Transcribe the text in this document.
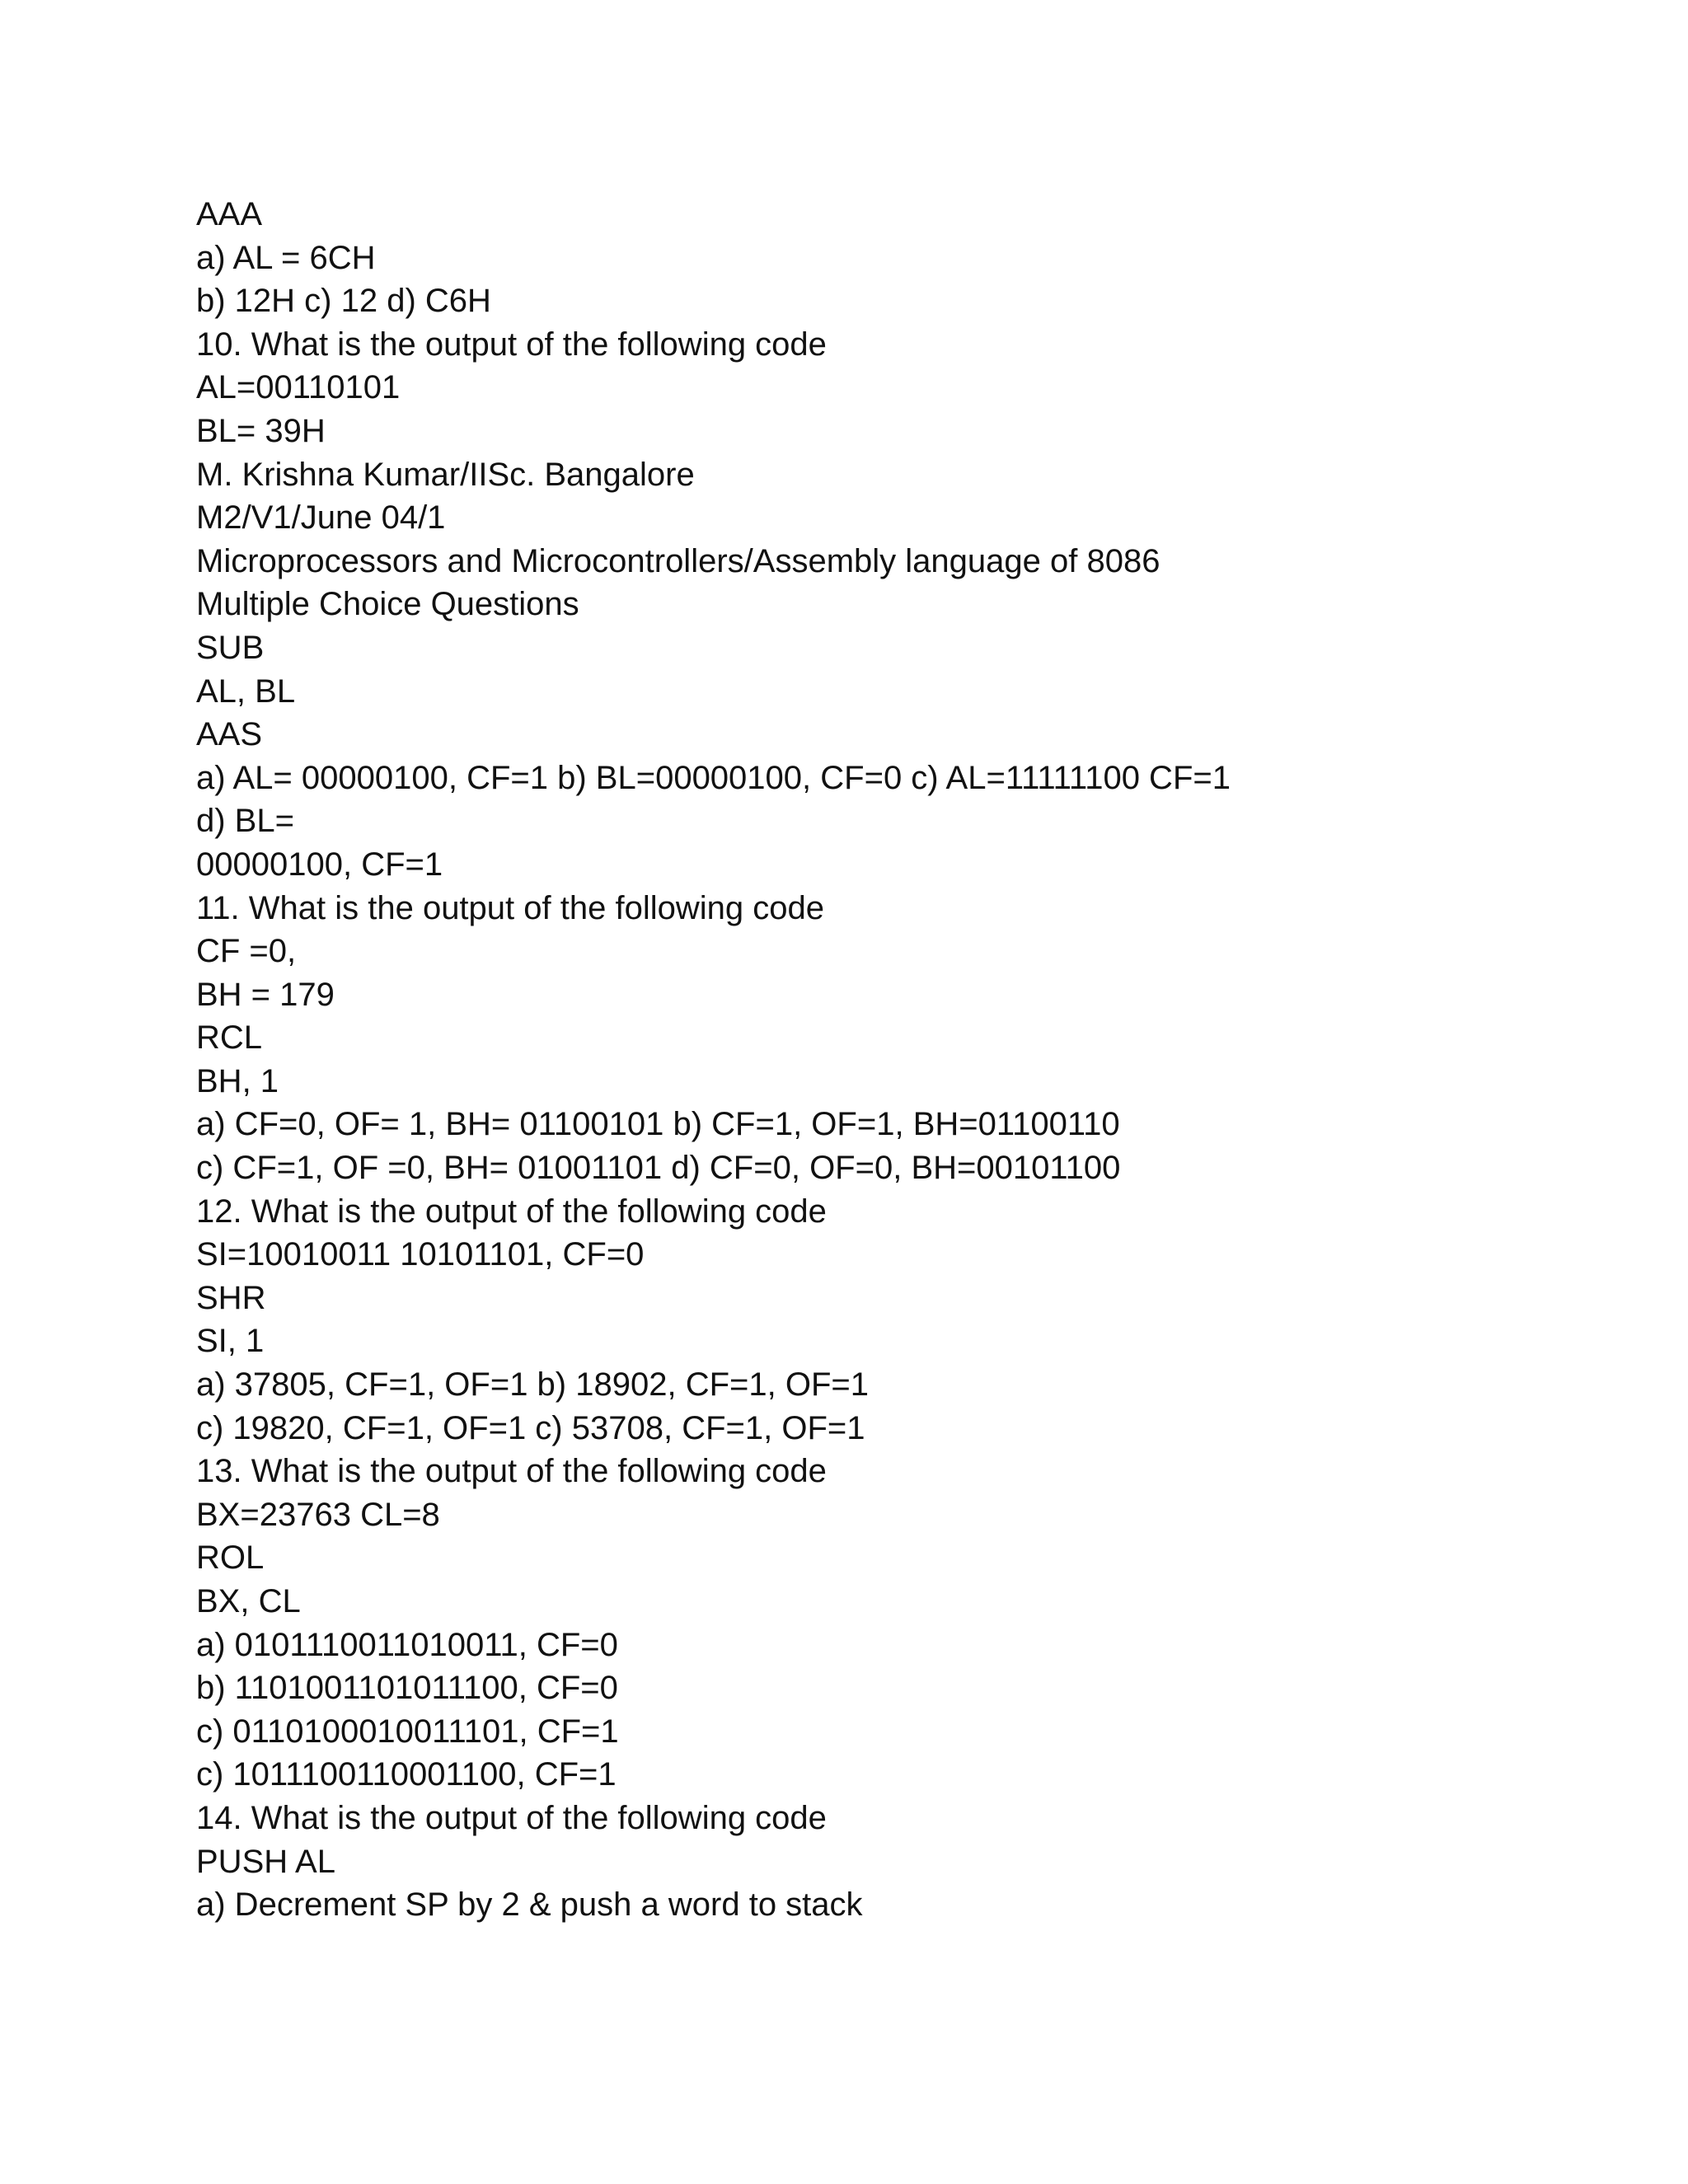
AAA
a) AL = 6CH
b) 12H c) 12 d) C6H
10. What is the output of the following code
AL=00110101
BL= 39H
M. Krishna Kumar/IISc. Bangalore
M2/V1/June 04/1
Microprocessors and Microcontrollers/Assembly language of 8086
Multiple Choice Questions
SUB
AL, BL
AAS
a) AL= 00000100, CF=1 b) BL=00000100, CF=0 c) AL=11111100 CF=1
d) BL=
00000100, CF=1
11. What is the output of the following code
CF =0,
BH = 179
RCL
BH, 1
a) CF=0, OF= 1, BH= 01100101 b) CF=1, OF=1, BH=01100110
c) CF=1, OF =0, BH= 01001101 d) CF=0, OF=0, BH=00101100
12. What is the output of the following code
SI=10010011 10101101, CF=0
SHR
SI, 1
a) 37805, CF=1, OF=1 b) 18902, CF=1, OF=1
c) 19820, CF=1, OF=1 c) 53708, CF=1, OF=1
13. What is the output of the following code
BX=23763 CL=8
ROL
BX, CL
a) 0101110011010011, CF=0
b) 1101001101011100, CF=0
c) 0110100010011101, CF=1
c) 1011100110001100, CF=1
14. What is the output of the following code
PUSH AL
a) Decrement SP by 2 & push a word to stack
